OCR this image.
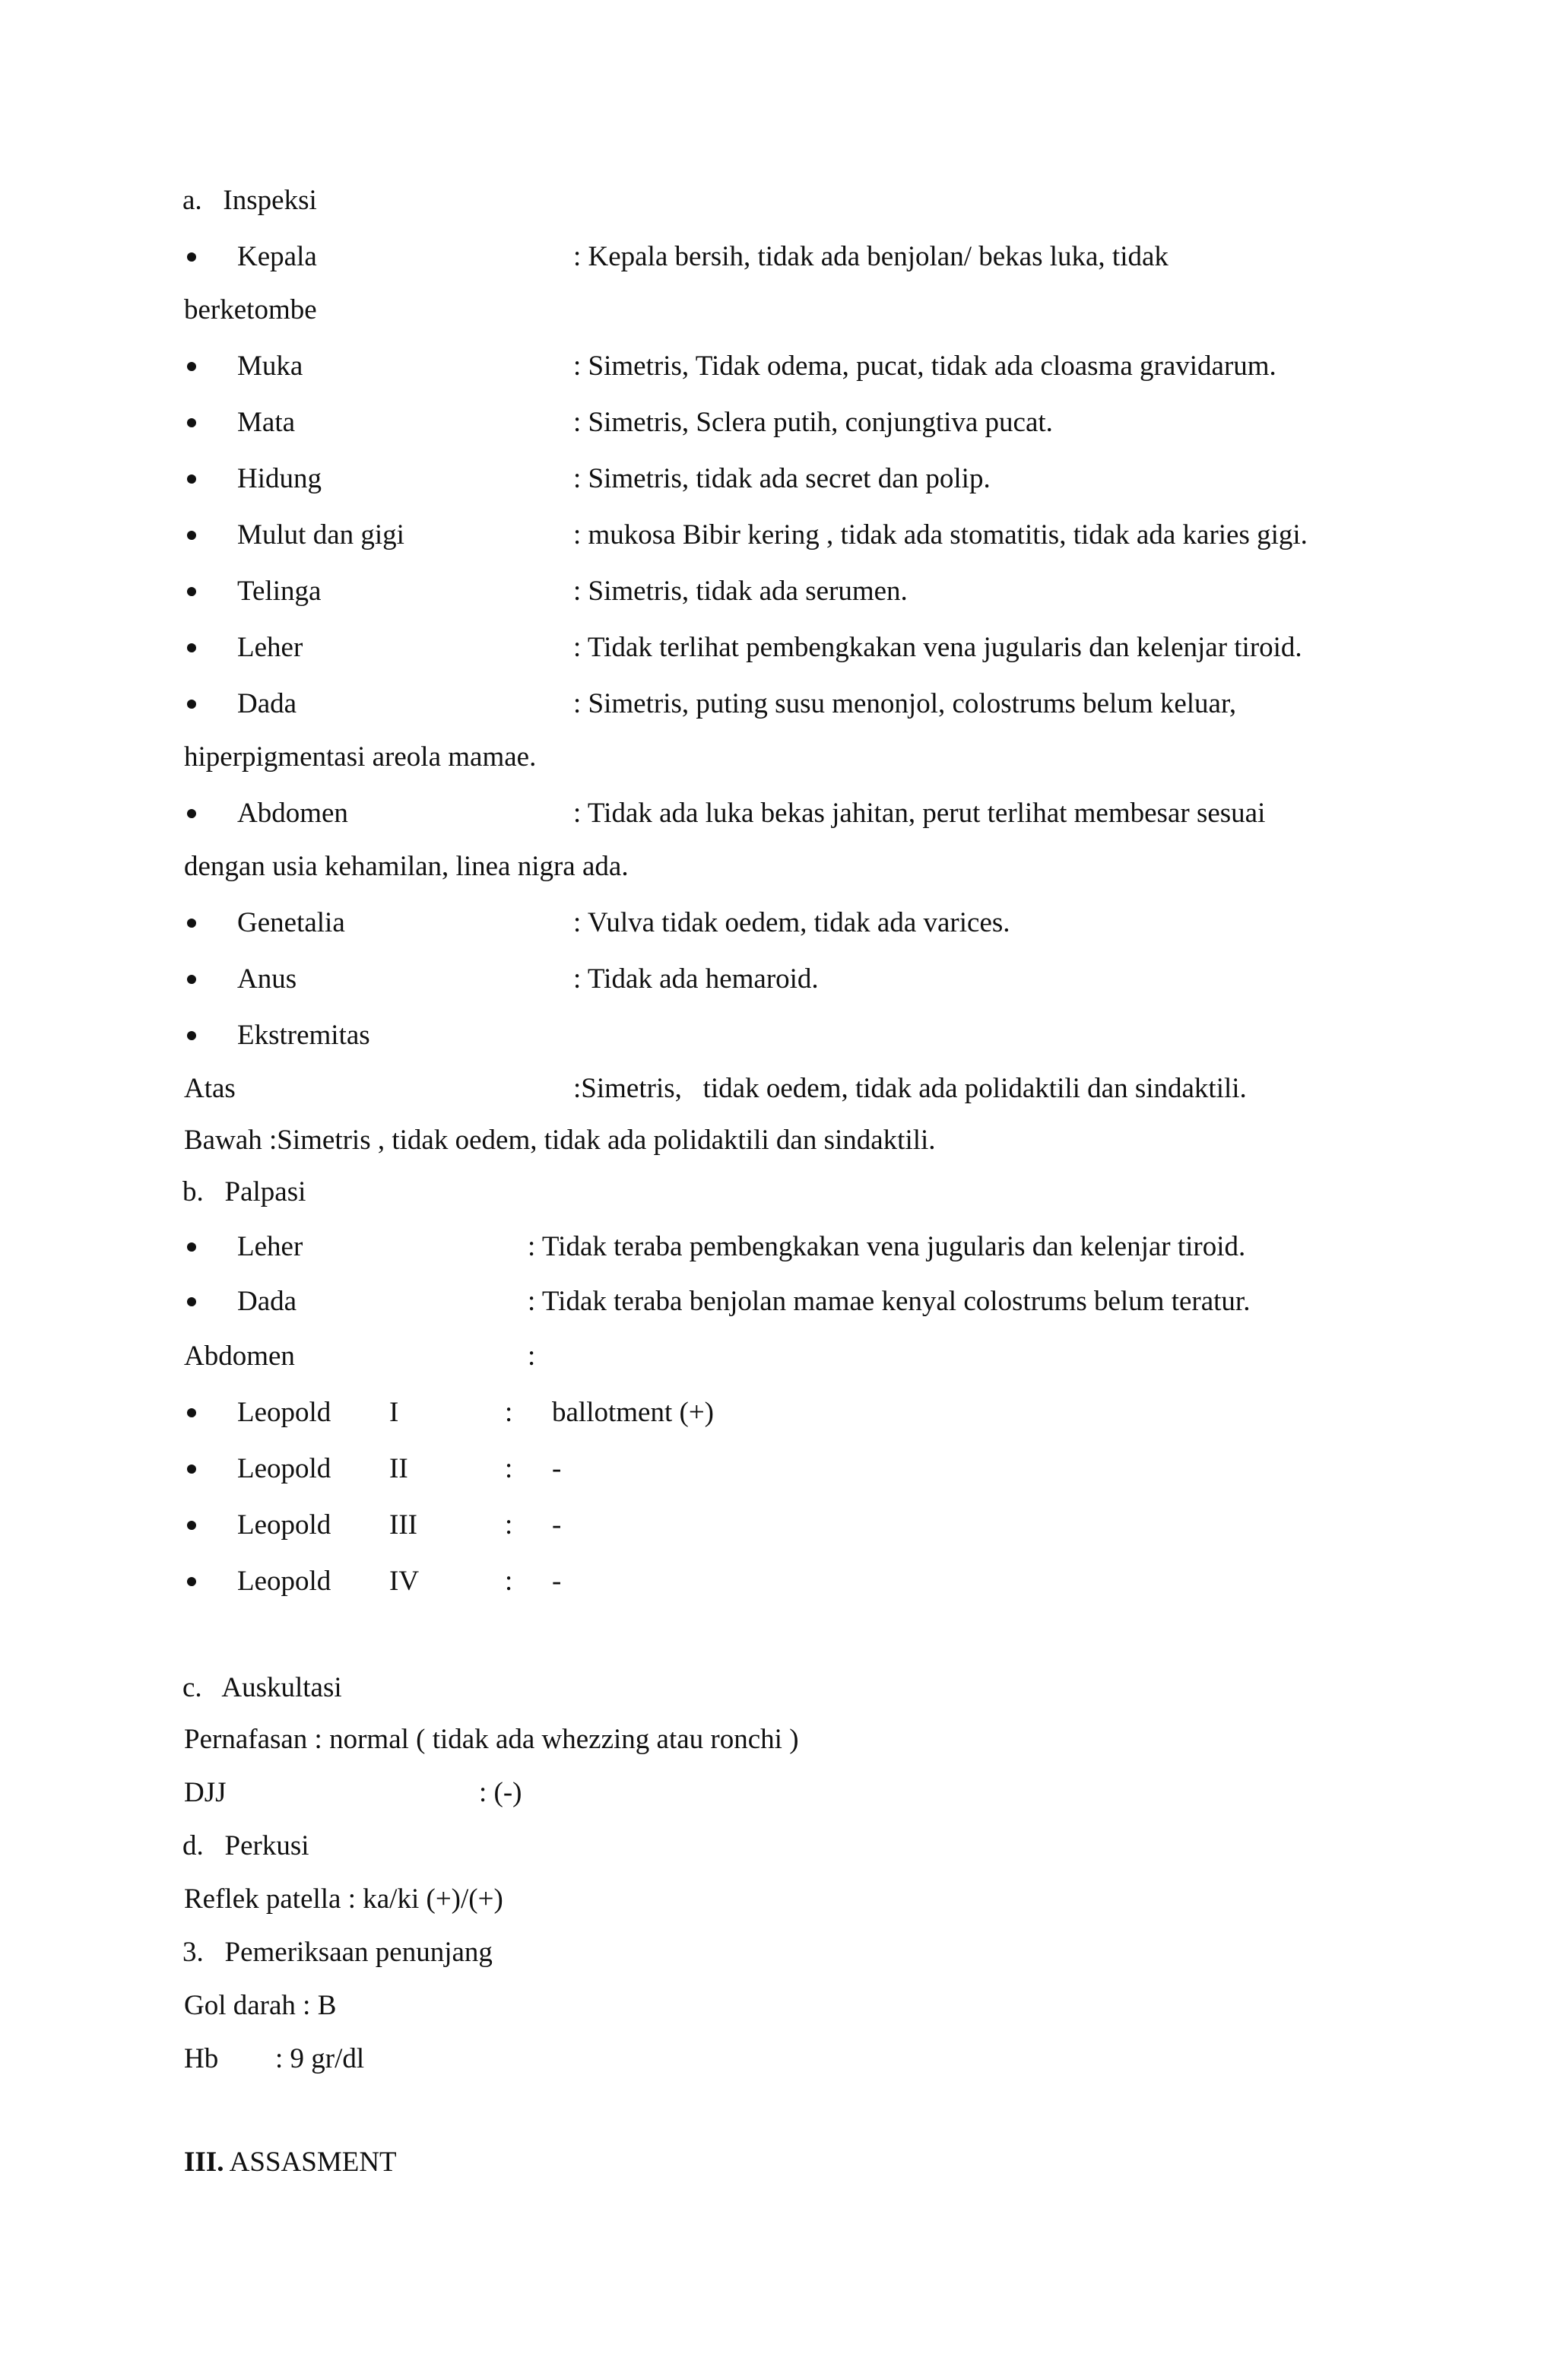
a.   Inspeksi
Kepala	: Kepala bersih, tidak ada benjolan/ bekas luka, tidak
berketombe
Muka	: Simetris, Tidak odema, pucat, tidak ada cloasma gravidarum.
Mata	: Simetris, Sclera putih, conjungtiva pucat.
Hidung	: Simetris, tidak ada secret dan polip.
Mulut dan gigi	: mukosa Bibir kering , tidak ada stomatitis, tidak ada karies gigi.
Telinga	: Simetris, tidak ada serumen.
Leher	: Tidak terlihat pembengkakan vena jugularis dan kelenjar tiroid.
Dada	: Simetris, puting susu menonjol, colostrums belum keluar,
hiperpigmentasi areola mamae.
Abdomen	: Tidak ada luka bekas jahitan, perut terlihat membesar sesuai
dengan usia kehamilan, linea nigra ada.
Genetalia	: Vulva tidak oedem, tidak ada varices.
Anus	: Tidak ada hemaroid.
Ekstremitas
Atas	:Simetris,   tidak oedem, tidak ada polidaktili dan sindaktili.
Bawah :Simetris , tidak oedem, tidak ada polidaktili dan sindaktili.
b.   Palpasi
Leher	: Tidak teraba pembengkakan vena jugularis dan kelenjar tiroid.
Dada	: Tidak teraba benjolan mamae kenyal colostrums belum teratur.
Abdomen	:
Leopold I	: ballotment (+)
Leopold II	: -
Leopold III	: -
Leopold IV	: -
c.   Auskultasi
Pernafasan : normal ( tidak ada whezzing atau ronchi )
DJJ	: (-)
d.   Perkusi
Reflek patella : ka/ki (+)/(+)
3.   Pemeriksaan penunjang
Gol darah : B
Hb : 9 gr/dl
III. ASSASMENT
